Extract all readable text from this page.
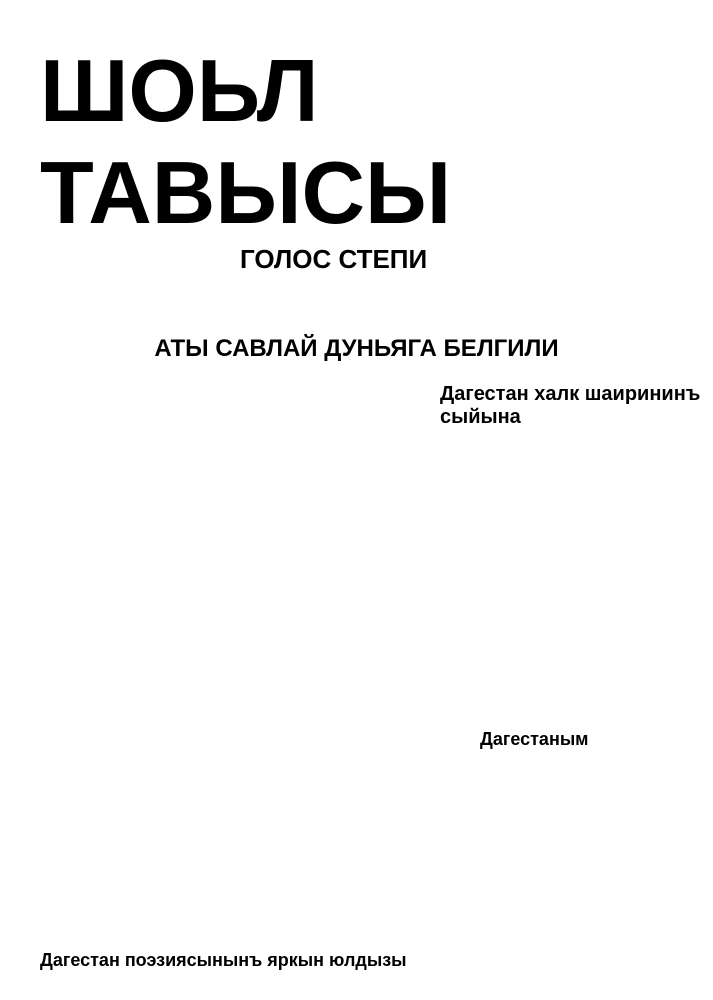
ШОЬЛ ТАВЫСЫ
ГОЛОС СТЕПИ
АТЫ САВЛАЙ ДУНЬЯГА БЕЛГИЛИ
Дагестан халк шаирининъ сыйына
Дагестаным
Дагестан поэзиясынынъ яркын юлдызы
